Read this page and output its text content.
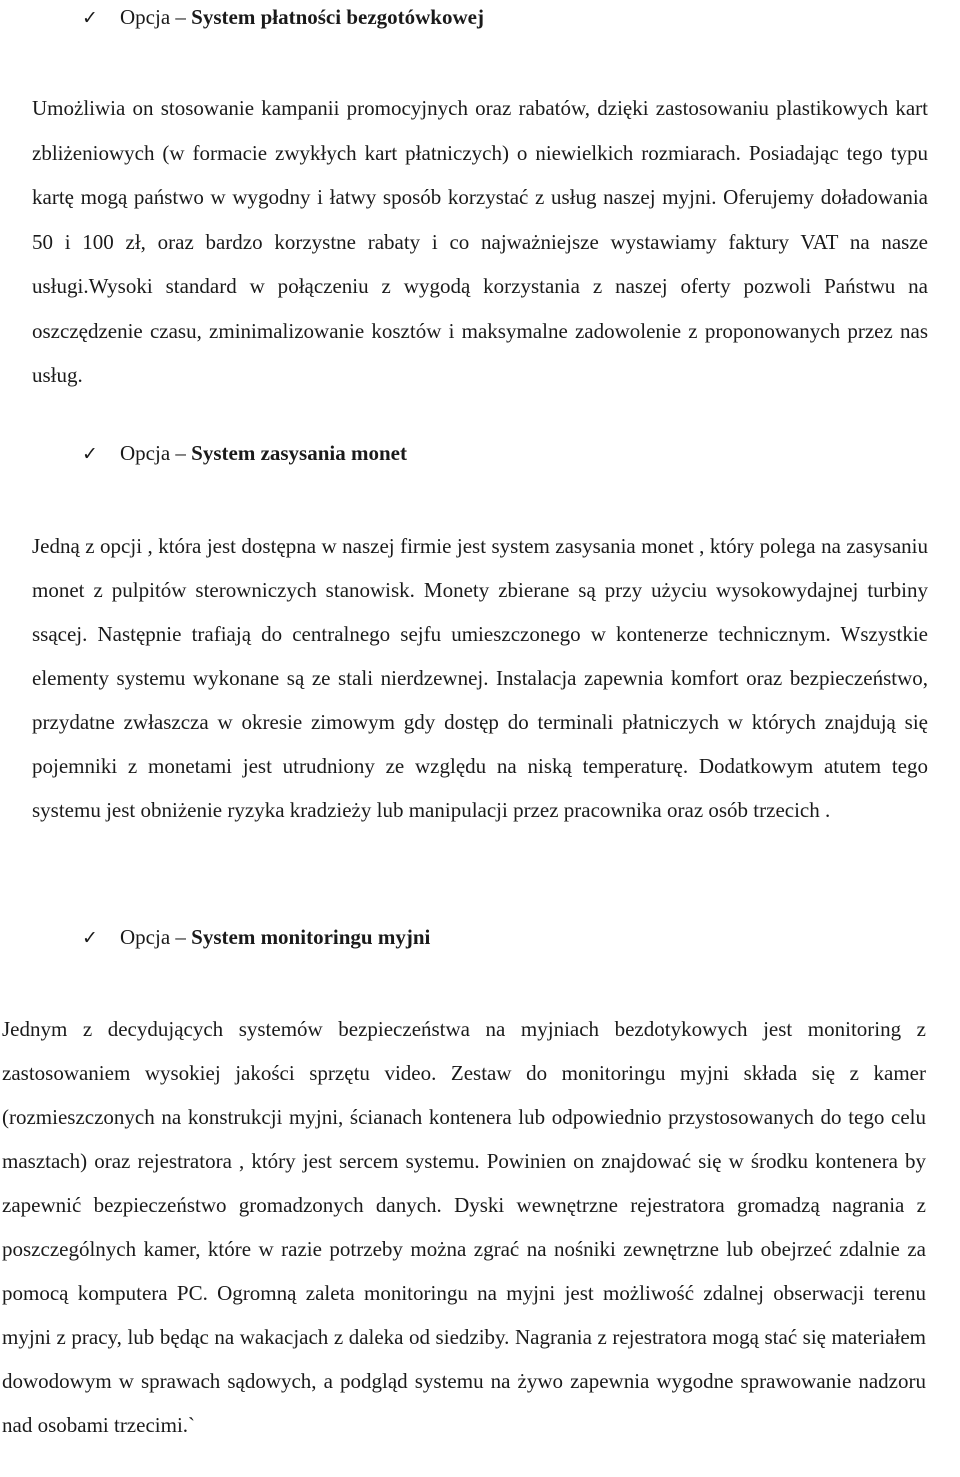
✓ Opcja – System płatności bezgotówkowej

Umożliwia on stosowanie kampanii promocyjnych oraz rabatów, dzięki zastosowaniu plastikowych kart zbliżeniowych (w formacie zwykłych kart płatniczych) o niewielkich rozmiarach. Posiadając tego typu kartę mogą państwo w wygodny i łatwy sposób korzystać z usług naszej myjni. Oferujemy doładowania 50 i 100 zł, oraz bardzo korzystne rabaty i co najważniejsze wystawiamy faktury VAT na nasze usługi.Wysoki standard w połączeniu z wygodą korzystania z naszej oferty pozwoli Państwu na oszczędzenie czasu, zminimalizowanie kosztów i maksymalne zadowolenie z proponowanych przez nas usług.

✓ Opcja – System zasysania monet

Jedną z opcji , która jest dostępna w naszej firmie jest system zasysania monet , który polega na zasysaniu monet z pulpitów sterowniczych stanowisk. Monety zbierane są przy użyciu wysokowydajnej turbiny ssącej. Następnie trafiają do centralnego sejfu umieszczonego w kontenerze technicznym. Wszystkie elementy systemu wykonane są ze stali nierdzewnej. Instalacja zapewnia komfort oraz bezpieczeństwo, przydatne zwłaszcza w okresie zimowym gdy dostęp do terminali płatniczych w których znajdują się pojemniki z monetami jest utrudniony ze względu na niską temperaturę. Dodatkowym atutem tego systemu jest obniżenie ryzyka kradzieży lub manipulacji przez pracownika oraz osób trzecich .

✓ Opcja – System monitoringu myjni

Jednym z decydujących systemów bezpieczeństwa na myjniach bezdotykowych jest monitoring z zastosowaniem wysokiej jakości sprzętu video. Zestaw do monitoringu myjni składa się z kamer (rozmieszczonych na konstrukcji myjni, ścianach kontenera lub odpowiednio przystosowanych do tego celu masztach) oraz rejestratora , który jest sercem systemu. Powinien on znajdować się w środku kontenera by zapewnić bezpieczeństwo gromadzonych danych. Dyski wewnętrzne rejestratora gromadzą nagrania z poszczególnych kamer, które w razie potrzeby można zgrać na nośniki zewnętrzne lub obejrzeć zdalnie za pomocą komputera PC. Ogromną zaleta monitoringu na myjni jest możliwość zdalnej obserwacji terenu myjni z pracy, lub będąc na wakacjach z daleka od siedziby. Nagrania z rejestratora mogą stać się materiałem dowodowym w sprawach sądowych, a podgląd systemu na żywo zapewnia wygodne sprawowanie nadzoru nad osobami trzecimi.`
